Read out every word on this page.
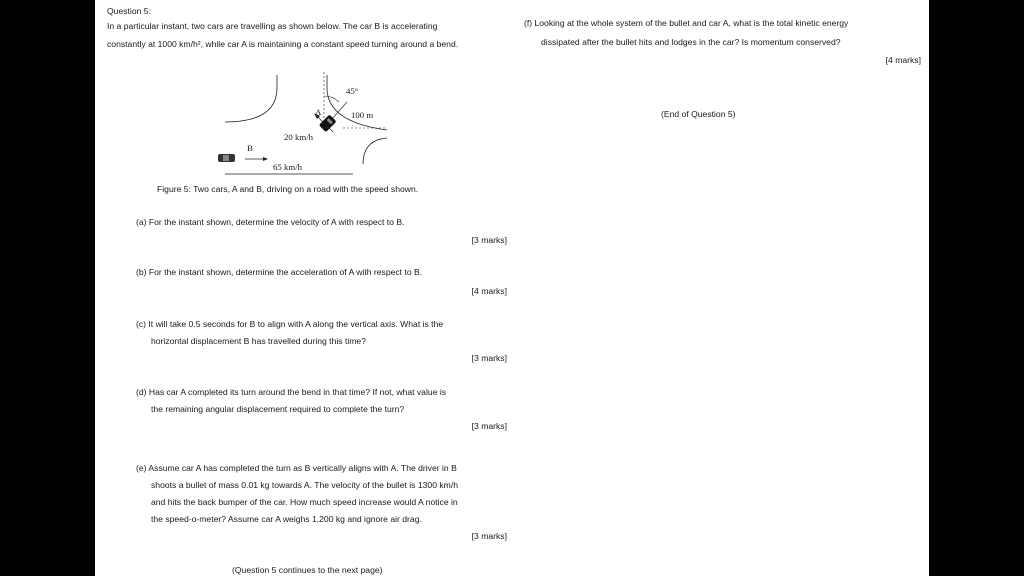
Question 5:
In a particular instant, two cars are travelling as shown below. The car B is accelerating
constantly at 1000 km/h², while car A is maintaining a constant speed turning around a bend.
45°
A	100 m
20 km/h
B
65 km/h
Figure 5: Two cars, A and B, driving on a road with the speed shown.
(a) For the instant shown, determine the velocity of A with respect to B.
[3 marks]
(b) For the instant shown, determine the acceleration of A with respect to B.
[4 marks]
(c) It will take 0.5 seconds for B to align with A along the vertical axis. What is the
horizontal displacement B has travelled during this time?
[3 marks]
(d) Has car A completed its turn around the bend in that time? If not, what value is
the remaining angular displacement required to complete the turn?
[3 marks]
(e) Assume car A has completed the turn as B vertically aligns with A. The driver in B
shoots a bullet of mass 0.01 kg towards A. The velocity of the bullet is 1300 km/h
and hits the back bumper of the car. How much speed increase would A notice in
the speed-o-meter? Assume car A weighs 1,200 kg and ignore air drag.
[3 marks]
(Question 5 continues to the next page)
(f) Looking at the whole system of the bullet and car A, what is the total kinetic energy
dissipated after the bullet hits and lodges in the car? Is momentum conserved?
[4 marks]
(End of Question 5)
